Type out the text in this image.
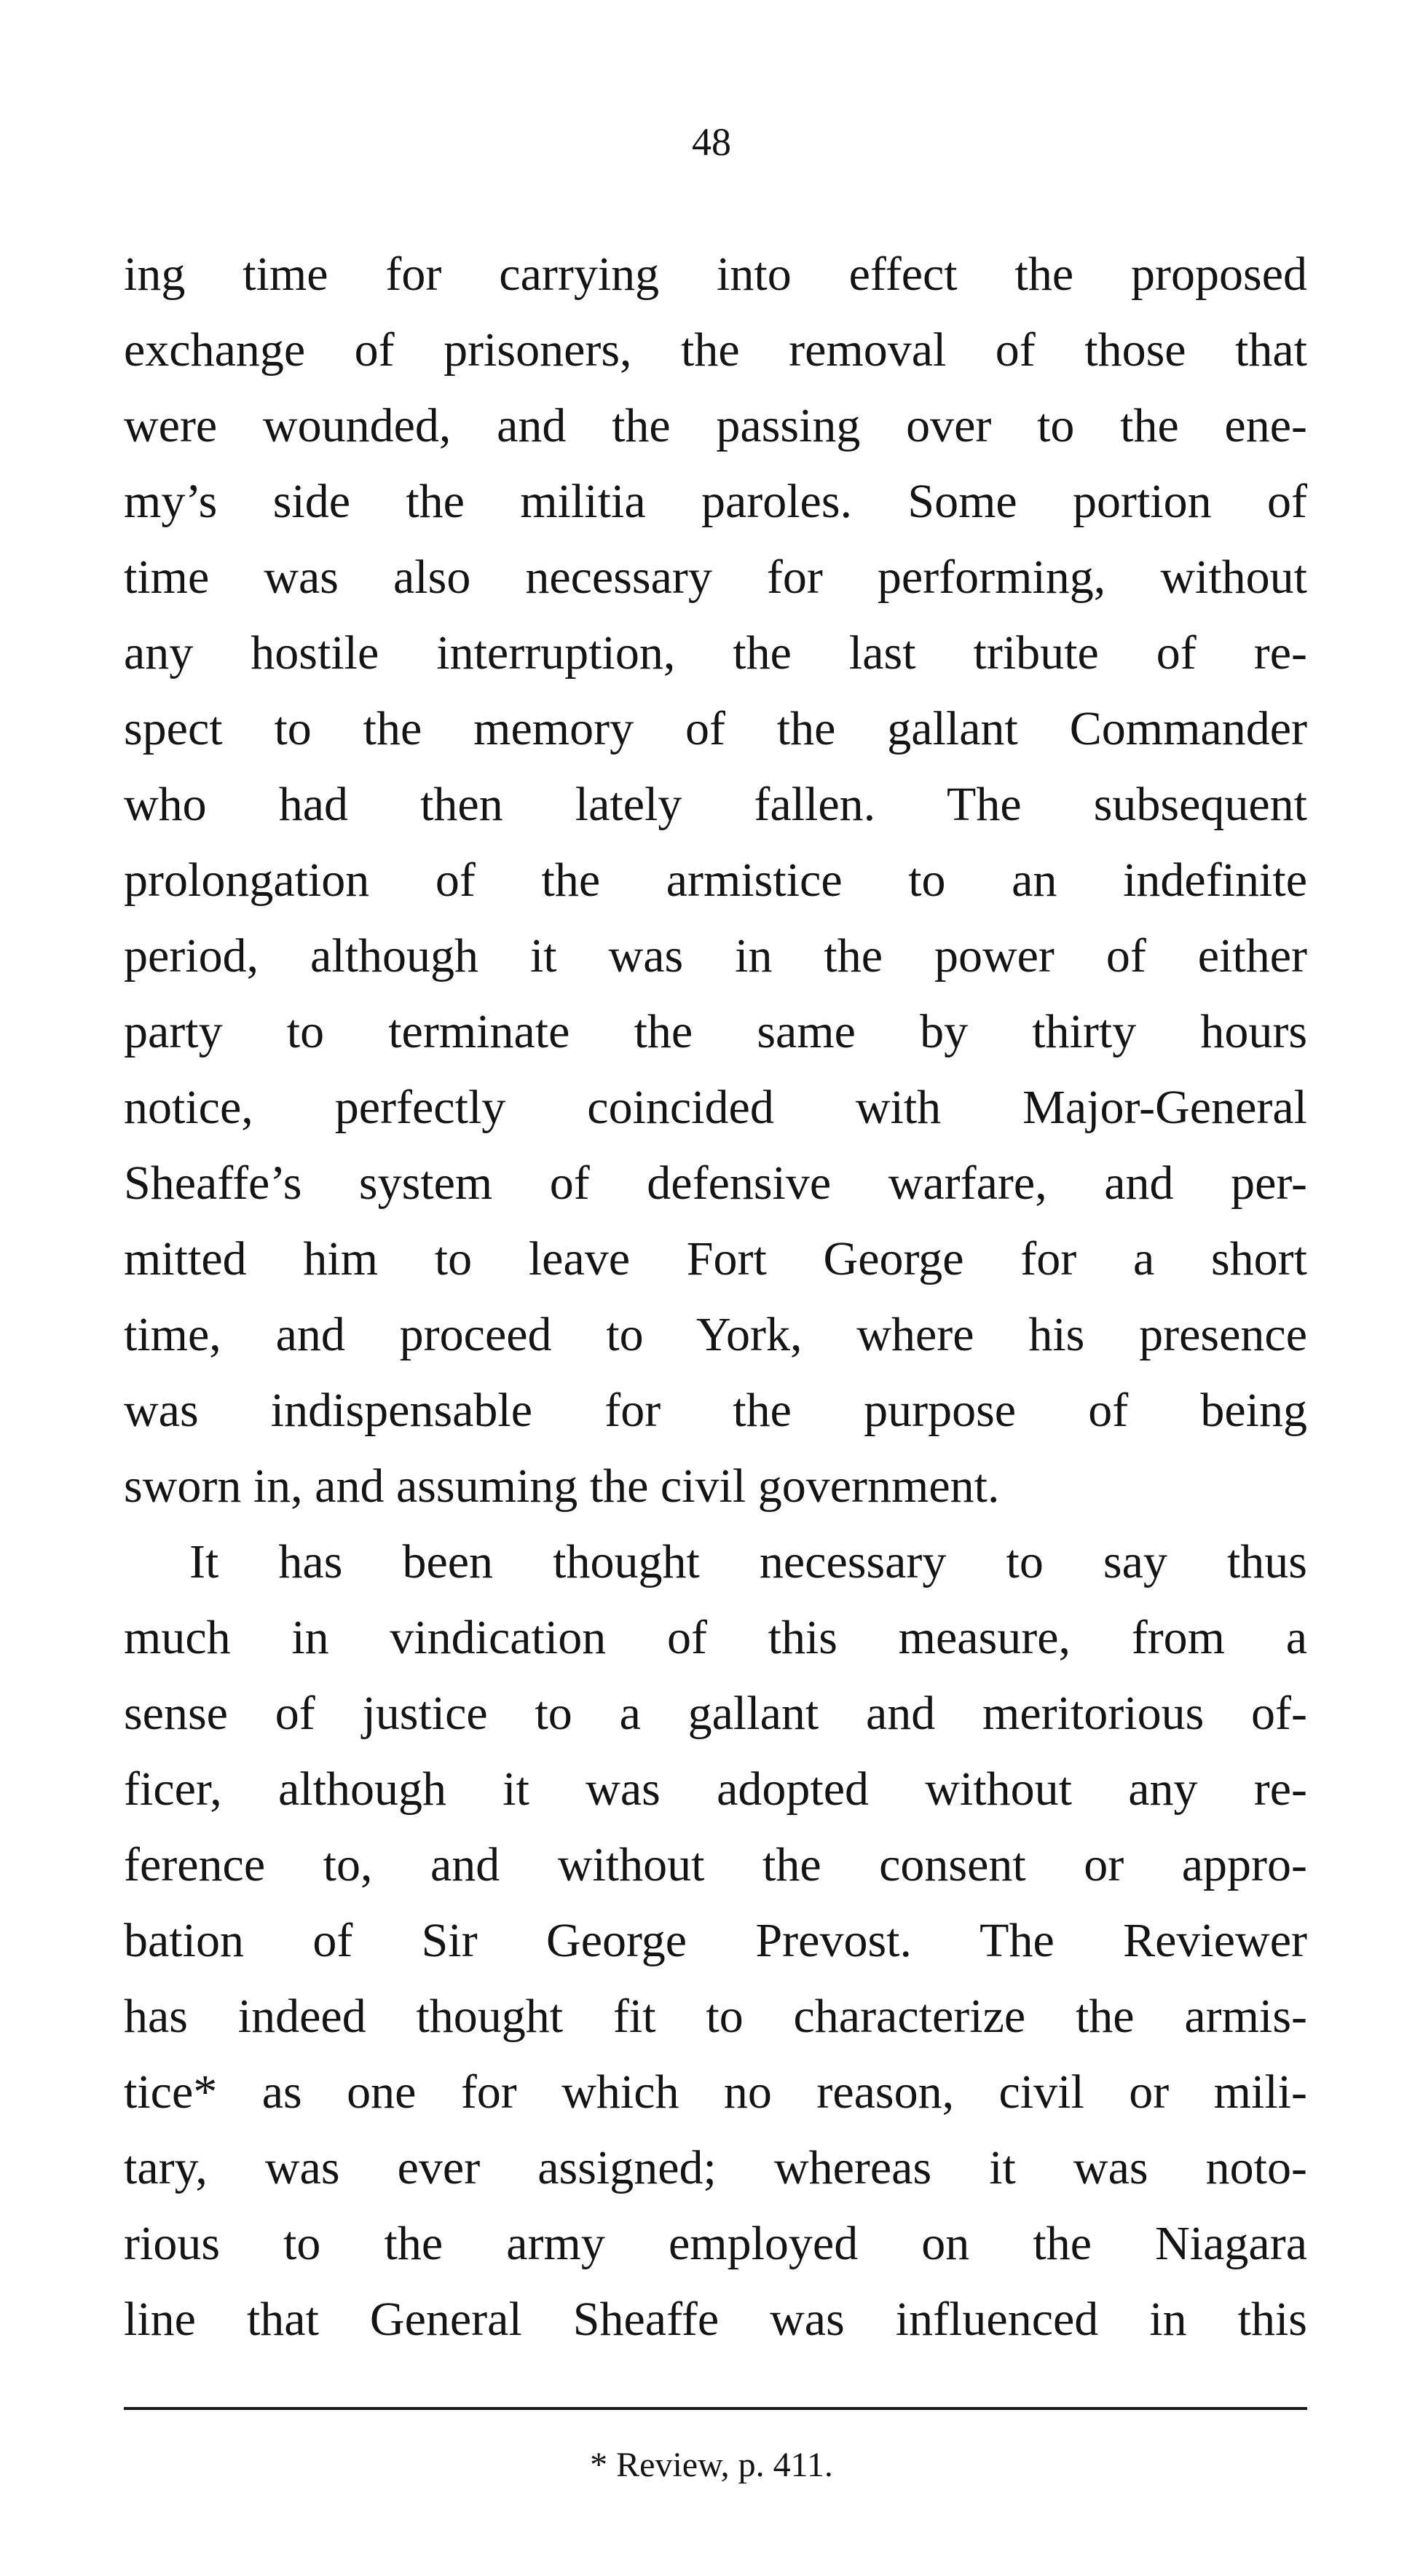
48
ing time for carrying into effect the proposed
exchange of prisoners, the removal of those that
were wounded, and the passing over to the ene-
my’s side the militia paroles. Some portion of
time was also necessary for performing, without
any hostile interruption, the last tribute of re-
spect to the memory of the gallant Commander
who had then lately fallen. The subsequent
prolongation of the armistice to an indefinite
period, although it was in the power of either
party to terminate the same by thirty hours
notice, perfectly coincided with Major-General
Sheaffe’s system of defensive warfare, and per-
mitted him to leave Fort George for a short
time, and proceed to York, where his presence
was indispensable for the purpose of being
sworn in, and assuming the civil government.
It has been thought necessary to say thus
much in vindication of this measure, from a
sense of justice to a gallant and meritorious of-
ficer, although it was adopted without any re-
ference to, and without the consent or appro-
bation of Sir George Prevost. The Reviewer
has indeed thought fit to characterize the armis-
tice* as one for which no reason, civil or mili-
tary, was ever assigned; whereas it was noto-
rious to the army employed on the Niagara
line that General Sheaffe was influenced in this
* Review, p. 411.
